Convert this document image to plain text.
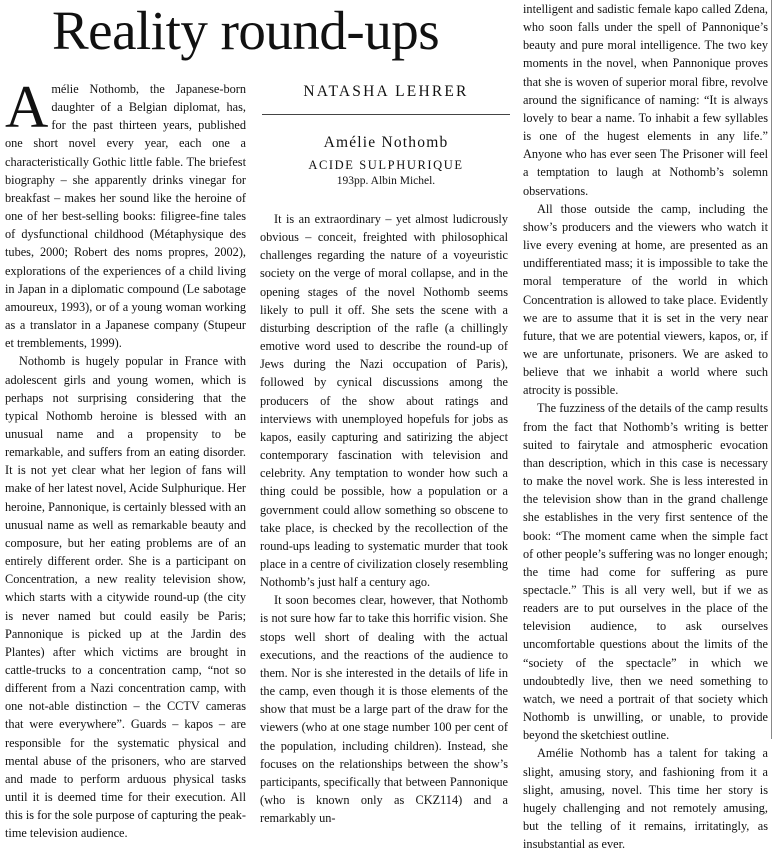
Reality round-ups

Amélie Nothomb, the Japanese-born daughter of a Belgian diplomat, has, for the past thirteen years, published one short novel every year, each one a characteristically Gothic little fable. The briefest biography – she apparently drinks vinegar for breakfast – makes her sound like the heroine of one of her best-selling books: filigree-fine tales of dysfunctional childhood (Métaphysique des tubes, 2000; Robert des noms propres, 2002), explorations of the experiences of a child living in Japan in a diplomatic compound (Le sabotage amoureux, 1993), or of a young woman working as a translator in a Japanese company (Stupeur et tremblements, 1999).

Nothomb is hugely popular in France with adolescent girls and young women, which is perhaps not surprising considering that the typical Nothomb heroine is blessed with an unusual name and a propensity to be remarkable, and suffers from an eating disorder. It is not yet clear what her legion of fans will make of her latest novel, Acide Sulphurique. Her heroine, Pannonique, is certainly blessed with an unusual name as well as remarkable beauty and composure, but her eating problems are of an entirely different order. She is a participant on Concentration, a new reality television show, which starts with a citywide round-up (the city is never named but could easily be Paris; Pannonique is picked up at the Jardin des Plantes) after which victims are brought in cattle-trucks to a concentration camp, “not so different from a Nazi concentration camp, with one not-able distinction – the CCTV cameras that were everywhere”. Guards – kapos – are responsible for the systematic physical and mental abuse of the prisoners, who are starved and made to perform arduous physical tasks until it is deemed time for their execution. All this is for the sole purpose of capturing the peak-time television audience.

NATASHA LEHRER
Amélie Nothomb
ACIDE SULPHURIQUE
193pp. Albin Michel.

It is an extraordinary – yet almost ludicrously obvious – conceit, freighted with philosophical challenges regarding the nature of a voyeuristic society on the verge of moral collapse, and in the opening stages of the novel Nothomb seems likely to pull it off. She sets the scene with a disturbing description of the rafle (a chillingly emotive word used to describe the round-up of Jews during the Nazi occupation of Paris), followed by cynical discussions among the producers of the show about ratings and interviews with unemployed hopefuls for jobs as kapos, easily capturing and satirizing the abject contemporary fascination with television and celebrity. Any temptation to wonder how such a thing could be possible, how a population or a government could allow something so obscene to take place, is checked by the recollection of the round-ups leading to systematic murder that took place in a centre of civilization closely resembling Nothomb’s just half a century ago.

It soon becomes clear, however, that Nothomb is not sure how far to take this horrific vision. She stops well short of dealing with the actual executions, and the reactions of the audience to them. Nor is she interested in the details of life in the camp, even though it is those elements of the show that must be a large part of the draw for the viewers (who at one stage number 100 per cent of the population, including children). Instead, she focuses on the relationships between the show’s participants, specifically that between Pannonique (who is known only as CKZ114) and a remarkably un-

intelligent and sadistic female kapo called Zdena, who soon falls under the spell of Pannonique’s beauty and pure moral intelligence. The two key moments in the novel, when Pannonique proves that she is woven of superior moral fibre, revolve around the significance of naming: “It is always lovely to bear a name. To inhabit a few syllables is one of the hugest elements in any life.” Anyone who has ever seen The Prisoner will feel a temptation to laugh at Nothomb’s solemn observations.

All those outside the camp, including the show’s producers and the viewers who watch it live every evening at home, are presented as an undifferentiated mass; it is impossible to take the moral temperature of the world in which Concentration is allowed to take place. Evidently we are to assume that it is set in the very near future, that we are potential viewers, kapos, or, if we are unfortunate, prisoners. We are asked to believe that we inhabit a world where such atrocity is possible.

The fuzziness of the details of the camp results from the fact that Nothomb’s writing is better suited to fairytale and atmospheric evocation than description, which in this case is necessary to make the novel work. She is less interested in the television show than in the grand challenge she establishes in the very first sentence of the book: “The moment came when the simple fact of other people’s suffering was no longer enough; the time had come for suffering as pure spectacle.” This is all very well, but if we as readers are to put ourselves in the place of the television audience, to ask ourselves uncomfortable questions about the limits of the “society of the spectacle” in which we undoubtedly live, then we need something to watch, we need a portrait of that society which Nothomb is unwilling, or unable, to provide beyond the sketchiest outline.

Amélie Nothomb has a talent for taking a slight, amusing story, and fashioning from it a slight, amusing, novel. This time her story is hugely challenging and not remotely amusing, but the telling of it remains, irritatingly, as insubstantial as ever.
